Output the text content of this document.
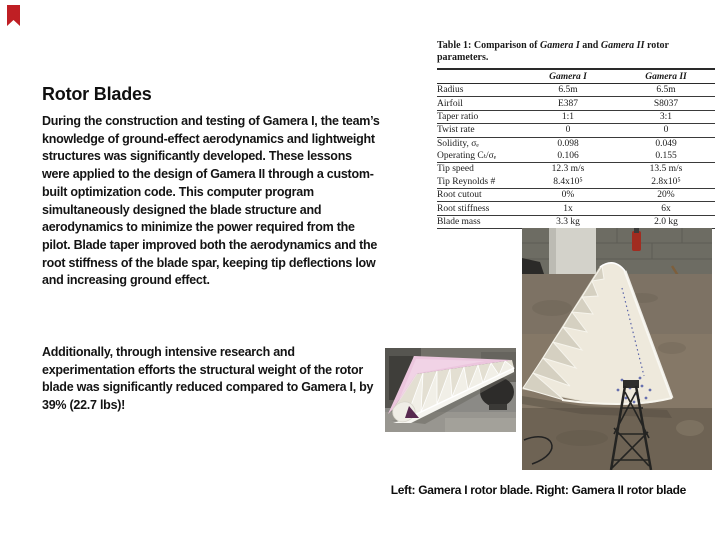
Rotor Blades

During the construction and testing of Gamera I, the team’s knowledge of ground-effect aerodynamics and lightweight structures was significantly developed. These lessons were applied to the design of Gamera II through a custom-built optimization code. This computer program simultaneously designed the blade structure and aerodynamics to minimize the power required from the pilot. Blade taper improved both the aerodynamics and the root stiffness of the blade spar, keeping tip deflections low and increasing ground effect.

Additionally, through intensive research and experimentation efforts the structural weight of the rotor blade was significantly reduced compared to Gamera I, by 39% (22.7 lbs)!

Table 1: Comparison of Gamera I and Gamera II rotor parameters.
	Gamera I	Gamera II
Radius	6.5m	6.5m
Airfoil	E387	S8037
Taper ratio	1:1	3:1
Twist rate	0	0
Solidity, σₑ	0.098	0.049
Operating Cₜ/σₑ	0.106	0.155
Tip speed	12.3 m/s	13.5 m/s
Tip Reynolds #	8.4x10⁵	2.8x10⁵
Root cutout	0%	20%
Root stiffness	1x	6x
Blade mass	3.3 kg	2.0 kg
Left: Gamera I rotor blade. Right: Gamera II rotor blade
